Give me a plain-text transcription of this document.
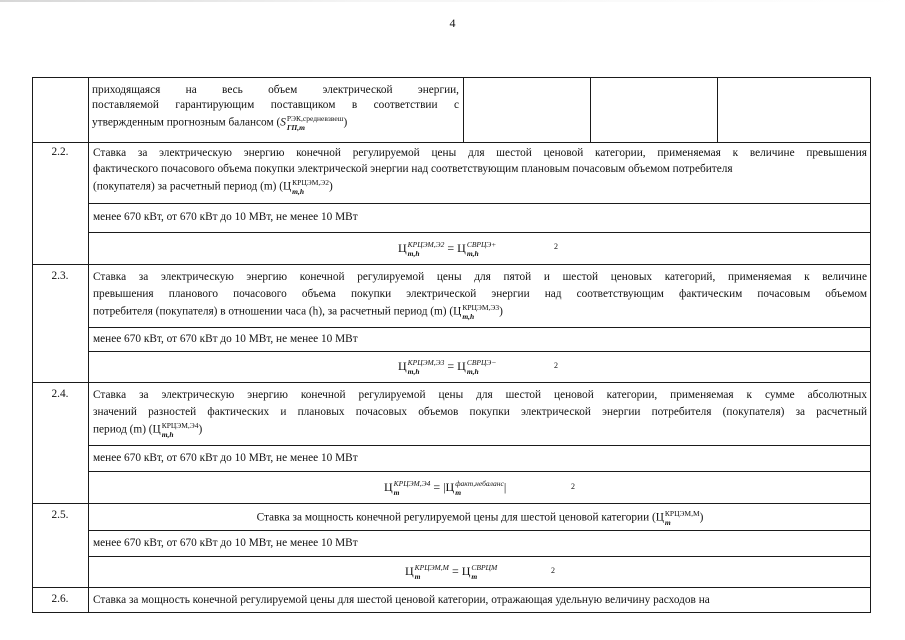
4
приходящаяся на весь объем электрической энергии,
поставляемой гарантирующим поставщиком в соответствии с
утвержденным прогнозным балансом (S РЭК,средневзвеш
ГП,m	)
2.2.	Ставка за электрическую энергию конечной регулируемой цены для шестой ценовой категории, применяемая к величине превышения
фактического почасового объема покупки электрической энергии над соответствующим плановым почасовым объемом потребителя
(покупателя) за расчетный период (m) (Ц КРЦЭМ,Э2
m,h	)
менее 670 кВт, от 670 кВт до 10 МВт, не менее 10 МВт
Ц КРЦЭМ,Э2
m,h	= Ц СВРЦЭ+
m,h
2
2.3.	Ставка за электрическую энергию конечной регулируемой цены для пятой и шестой ценовых категорий, применяемая к величине
превышения планового почасового объема покупки электрической энергии над соответствующим фактическим почасовым объемом
потребителя (покупателя) в отношении часа (h), за расчетный период (m) (Ц КРЦЭМ,Э3
m,h	)
менее 670 кВт, от 670 кВт до 10 МВт, не менее 10 МВт
Ц КРЦЭМ,Э3
m,h	= Ц СВРЦЭ−
m,h
2
2.4.	Ставка за электрическую энергию конечной регулируемой цены для шестой ценовой категории, применяемая к сумме абсолютных
значений разностей фактических и плановых почасовых объемов покупки электрической энергии потребителя (покупателя) за расчетный
период (m) (Ц КРЦЭМ,Э4
m,h	)
менее 670 кВт, от 670 кВт до 10 МВт, не менее 10 МВт
Ц КРЦЭМ,Э4
m	= |Ц факт,небаланс
m	|	2
2.5.	Ставка за мощность конечной регулируемой цены для шестой ценовой категории (Ц КРЦЭМ,М
m	)
менее 670 кВт, от 670 кВт до 10 МВт, не менее 10 МВт
Ц КРЦЭМ,М
m	= Ц СВРЦМ
m
2
2.6.	Ставка за мощность конечной регулируемой цены для шестой ценовой категории, отражающая удельную величину расходов на
